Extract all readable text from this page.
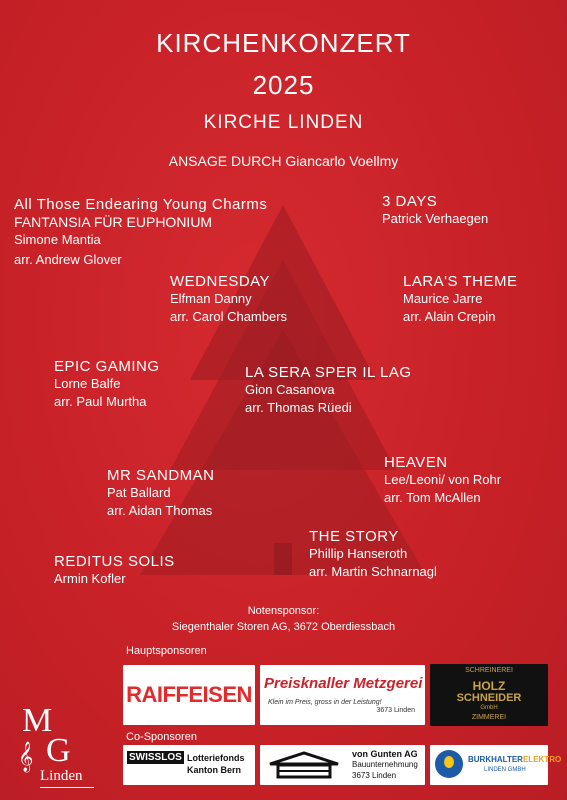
KIRCHENKONZERT
2025
KIRCHE LINDEN
ANSAGE DURCH Giancarlo Voellmy
All Those Endearing Young Charms
FANTANSIA FÜR EUPHONIUM
Simone Mantia
arr. Andrew Glover
3 DAYS
Patrick Verhaegen
WEDNESDAY
Elfman Danny
arr. Carol Chambers
LARA'S THEME
Maurice Jarre
arr. Alain Crepin
EPIC GAMING
Lorne Balfe
arr. Paul Murtha
LA SERA SPER IL LAG
Gion Casanova
arr. Thomas Rüedi
MR SANDMAN
Pat Ballard
arr. Aidan Thomas
HEAVEN
Lee/Leoni/ von Rohr
arr. Tom McAllen
THE STORY
Phillip Hanseroth
arr. Martin Schnarnagl
REDITUS SOLIS
Armin Kofler
Notensponsor:
Siegenthaler Storen AG, 3672 Oberdiessbach
Hauptsponsoren
RAIFFEISEN Preisknaller Metzgerei
Klein im Preis, gross in der Leistung!
3673 Linden
SCHREINEREI
HOLZ
SCHNEIDER
GmbH
ZIMMEREI
Co-Sponsoren
SWISSLOS Lotteriefonds
Kanton Bern
von Gunten AG
Bauunternehmung
3673 Linden
BURKHALTERELEKTRO
LINDEN GMBH
M
𝄞 G
Linden
